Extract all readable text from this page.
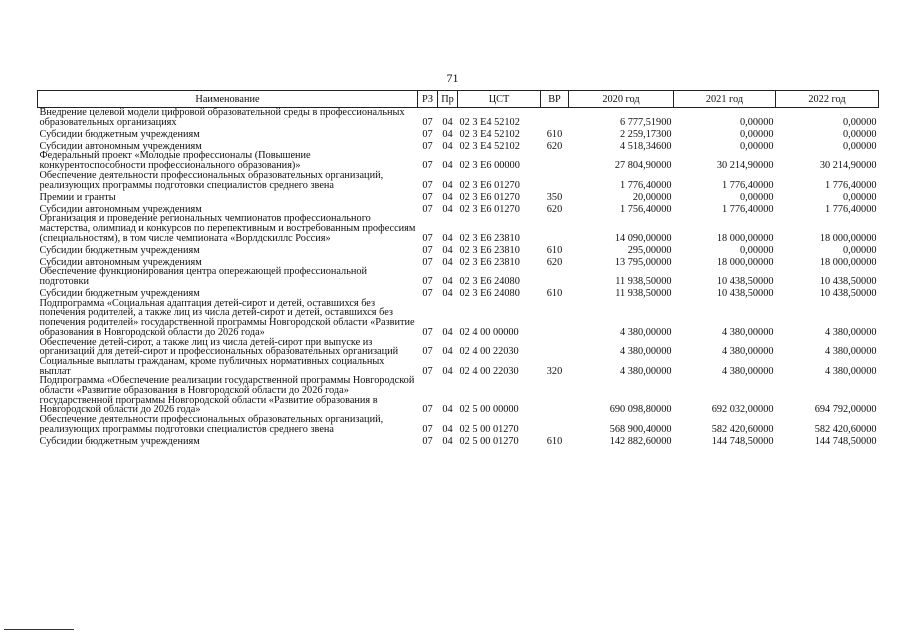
71
Наименование	РЗ	Пр	ЦСТ	ВР	2020 год	2021 год	2022 год
Внедрение целевой модели цифровой образовательной среды в профессиональных образовательных организациях	07	04	02 3 Е4 52102		6 777,51900	0,00000	0,00000
Субсидии бюджетным учреждениям	07	04	02 3 Е4 52102	610	2 259,17300	0,00000	0,00000
Субсидии автономным учреждениям	07	04	02 3 Е4 52102	620	4 518,34600	0,00000	0,00000
Федеральный проект «Молодые профессионалы (Повышение конкурентоспособности профессионального образования)»	07	04	02 3 Е6 00000		27 804,90000	30 214,90000	30 214,90000
Обеспечение деятельности профессиональных образовательных организаций, реализующих программы подготовки специалистов среднего звена	07	04	02 3 Е6 01270		1 776,40000	1 776,40000	1 776,40000
Премии и гранты	07	04	02 3 Е6 01270	350	20,00000	0,00000	0,00000
Субсидии автономным учреждениям	07	04	02 3 Е6 01270	620	1 756,40000	1 776,40000	1 776,40000
Организация и проведение региональных чемпионатов профессионального мастерства, олимпиад и конкурсов по перепективным и востребованным профессиям (специальностям), в том числе чемпионата «Ворлдскиллс Россия»	07	04	02 3 Е6 23810		14 090,00000	18 000,00000	18 000,00000
Субсидии бюджетным учреждениям	07	04	02 3 Е6 23810	610	295,00000	0,00000	0,00000
Субсидии автономным учреждениям	07	04	02 3 Е6 23810	620	13 795,00000	18 000,00000	18 000,00000
Обеспечение функционирования центра опережающей профессиональной подготовки	07	04	02 3 Е6 24080		11 938,50000	10 438,50000	10 438,50000
Субсидии бюджетным учреждениям	07	04	02 3 Е6 24080	610	11 938,50000	10 438,50000	10 438,50000
Подпрограмма «Социальная адаптация детей-сирот и детей, оставшихся без попечения родителей, а также лиц из числа детей-сирот и детей, оставшихся без попечения родителей» государственной программы Новгородской области «Развитие образования в Новгородской области до 2026 года»	07	04	02 4 00 00000		4 380,00000	4 380,00000	4 380,00000
Обеспечение детей-сирот, а также лиц из числа детей-сирот при выпуске из организаций для детей-сирот и профессиональных образовательных организаций	07	04	02 4 00 22030		4 380,00000	4 380,00000	4 380,00000
Социальные выплаты гражданам, кроме публичных нормативных социальных выплат	07	04	02 4 00 22030	320	4 380,00000	4 380,00000	4 380,00000
Подпрограмма «Обеспечение реализации государственной программы Новгородской области «Развитие образования в Новгородской области до 2026 года» государственной программы Новгородской области «Развитие образования в Новгородской области до 2026 года»	07	04	02 5 00 00000		690 098,80000	692 032,00000	694 792,00000
Обеспечение деятельности профессиональных образовательных организаций, реализующих программы подготовки специалистов среднего звена	07	04	02 5 00 01270		568 900,40000	582 420,60000	582 420,60000
Субсидии бюджетным учреждениям	07	04	02 5 00 01270	610	142 882,60000	144 748,50000	144 748,50000
